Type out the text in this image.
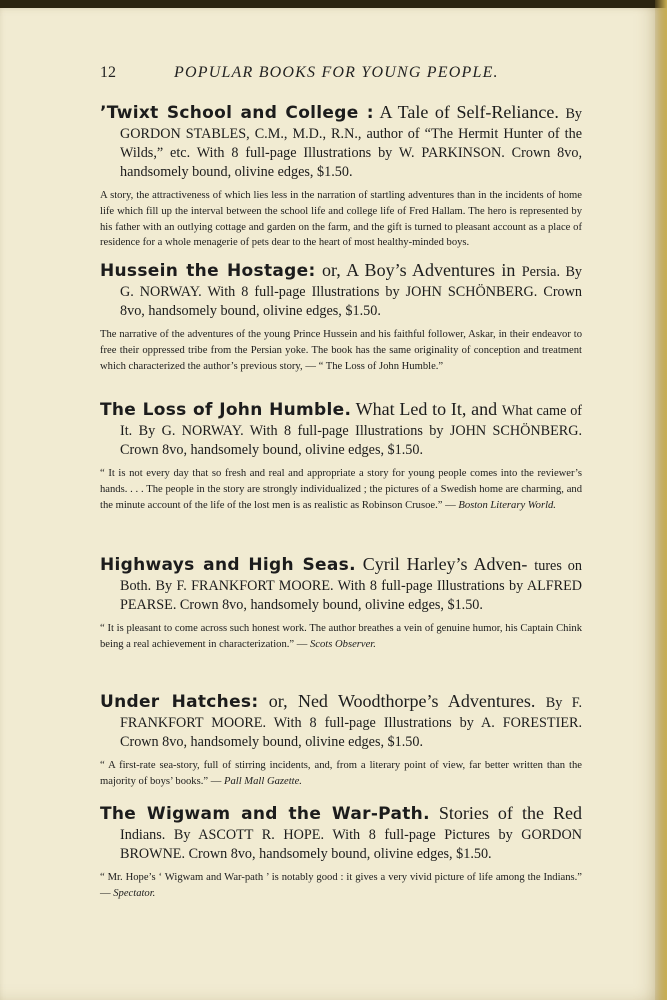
12	POPULAR BOOKS FOR YOUNG PEOPLE.

’Twixt School and College : A Tale of Self-Reliance. By GORDON STABLES, C.M., M.D., R.N., author of “The Hermit Hunter of the Wilds,” etc. With 8 full-page Illustrations by W. PARKINSON. Crown 8vo, handsomely bound, olivine edges, $1.50.

A story, the attractiveness of which lies less in the narration of startling adventures than in the incidents of home life which fill up the interval between the school life and college life of Fred Hallam. The hero is represented by his father with an outlying cottage and garden on the farm, and the gift is turned to pleasant account as a place of residence for a whole menagerie of pets dear to the heart of most healthy-minded boys.

Hussein the Hostage: or, A Boy’s Adventures in Persia. By G. NORWAY. With 8 full-page Illustrations by JOHN SCHÖNBERG. Crown 8vo, handsomely bound, olivine edges, $1.50.

The narrative of the adventures of the young Prince Hussein and his faithful follower, Askar, in their endeavor to free their oppressed tribe from the Persian yoke. The book has the same originality of conception and treatment which characterized the author’s previous story, — “ The Loss of John Humble.”

The Loss of John Humble. What Led to It, and What came of It. By G. NORWAY. With 8 full-page Illustrations by JOHN SCHÖNBERG. Crown 8vo, handsomely bound, olivine edges, $1.50.

“ It is not every day that so fresh and real and appropriate a story for young people comes into the reviewer’s hands. . . . The people in the story are strongly individualized ; the pictures of a Swedish home are charming, and the minute account of the life of the lost men is as realistic as Robinson Crusoe.” — Boston Literary World.

Highways and High Seas. Cyril Harley’s Adven- tures on Both. By F. FRANKFORT MOORE. With 8 full-page Illustrations by ALFRED PEARSE. Crown 8vo, handsomely bound, olivine edges, $1.50.

“ It is pleasant to come across such honest work. The author breathes a vein of genuine humor, his Captain Chink being a real achievement in characterization.” — Scots Observer.

Under Hatches: or, Ned Woodthorpe’s Adventures. By F. FRANKFORT MOORE. With 8 full-page Illustrations by A. FORESTIER. Crown 8vo, handsomely bound, olivine edges, $1.50.

“ A first-rate sea-story, full of stirring incidents, and, from a literary point of view, far better written than the majority of boys’ books.” — Pall Mall Gazette.

The Wigwam and the War-Path. Stories of the Red Indians. By ASCOTT R. HOPE. With 8 full-page Pictures by GORDON BROWNE. Crown 8vo, handsomely bound, olivine edges, $1.50.

“ Mr. Hope’s ‘ Wigwam and War-path ’ is notably good : it gives a very vivid picture of life among the Indians.” — Spectator.
